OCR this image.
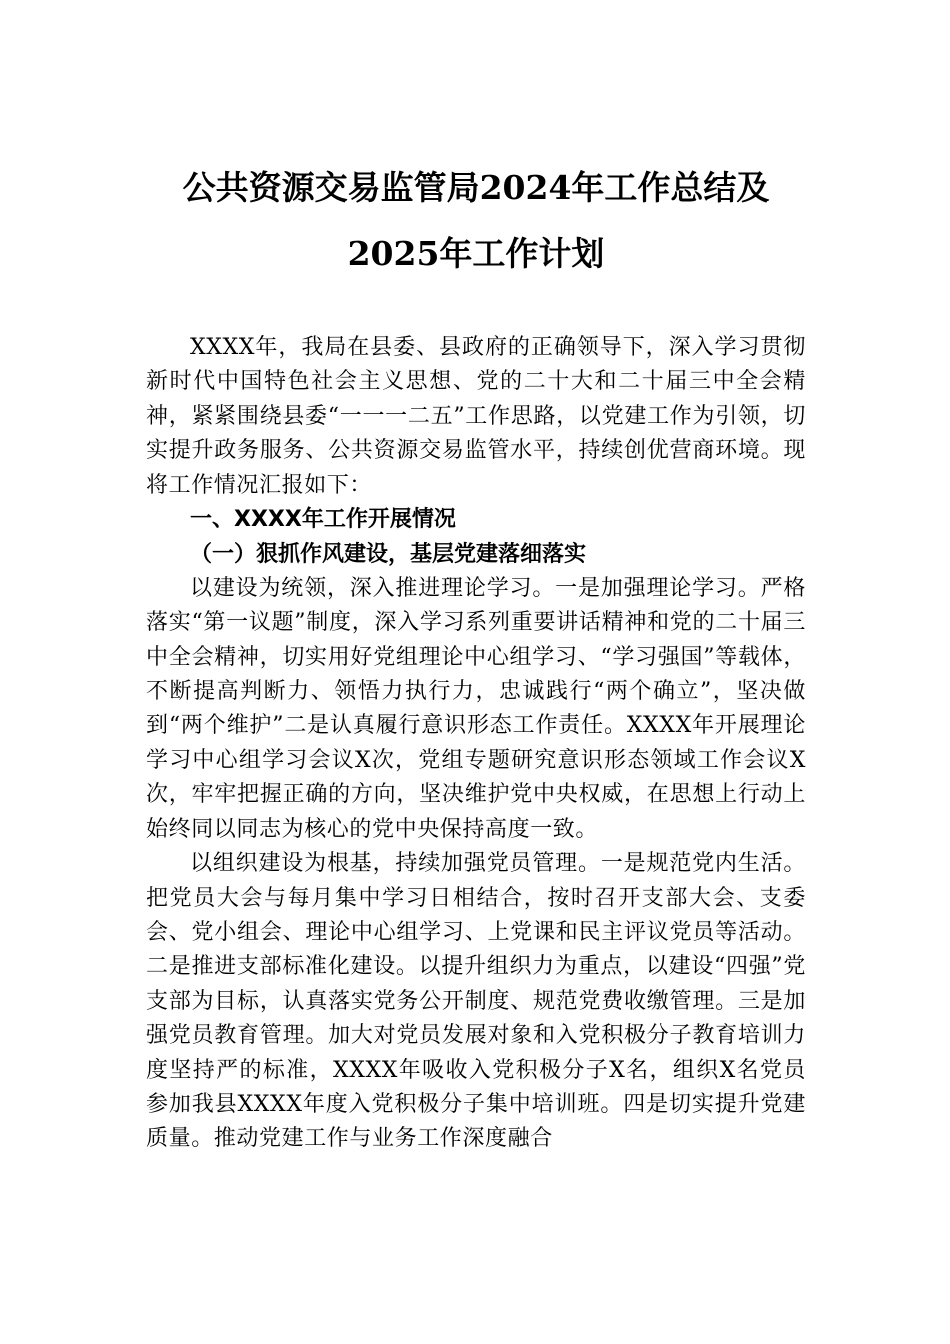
公共资源交易监管局2024年工作总结及
2025年工作计划

XXXX年，我局在县委、县政府的正确领导下，深入学习贯彻新时代中国特色社会主义思想、党的二十大和二十届三中全会精神，紧紧围绕县委“一一一二五”工作思路，以党建工作为引领，切实提升政务服务、公共资源交易监管水平，持续创优营商环境。现将工作情况汇报如下：

一、XXXX年工作开展情况

（一）狠抓作风建设，基层党建落细落实

以建设为统领，深入推进理论学习。一是加强理论学习。严格落实“第一议题”制度，深入学习系列重要讲话精神和党的二十届三中全会精神，切实用好党组理论中心组学习、“学习强国”等载体，不断提高判断力、领悟力执行力，忠诚践行“两个确立”，坚决做到“两个维护”二是认真履行意识形态工作责任。XXXX年开展理论学习中心组学习会议X次，党组专题研究意识形态领域工作会议X次，牢牢把握正确的方向，坚决维护党中央权威，在思想上行动上始终同以同志为核心的党中央保持高度一致。

以组织建设为根基，持续加强党员管理。一是规范党内生活。把党员大会与每月集中学习日相结合，按时召开支部大会、支委会、党小组会、理论中心组学习、上党课和民主评议党员等活动。二是推进支部标准化建设。以提升组织力为重点，以建设“四强”党支部为目标，认真落实党务公开制度、规范党费收缴管理。三是加强党员教育管理。加大对党员发展对象和入党积极分子教育培训力度坚持严的标准，XXXX年吸收入党积极分子X名，组织X名党员参加我县XXXX年度入党积极分子集中培训班。四是切实提升党建质量。推动党建工作与业务工作深度融合
